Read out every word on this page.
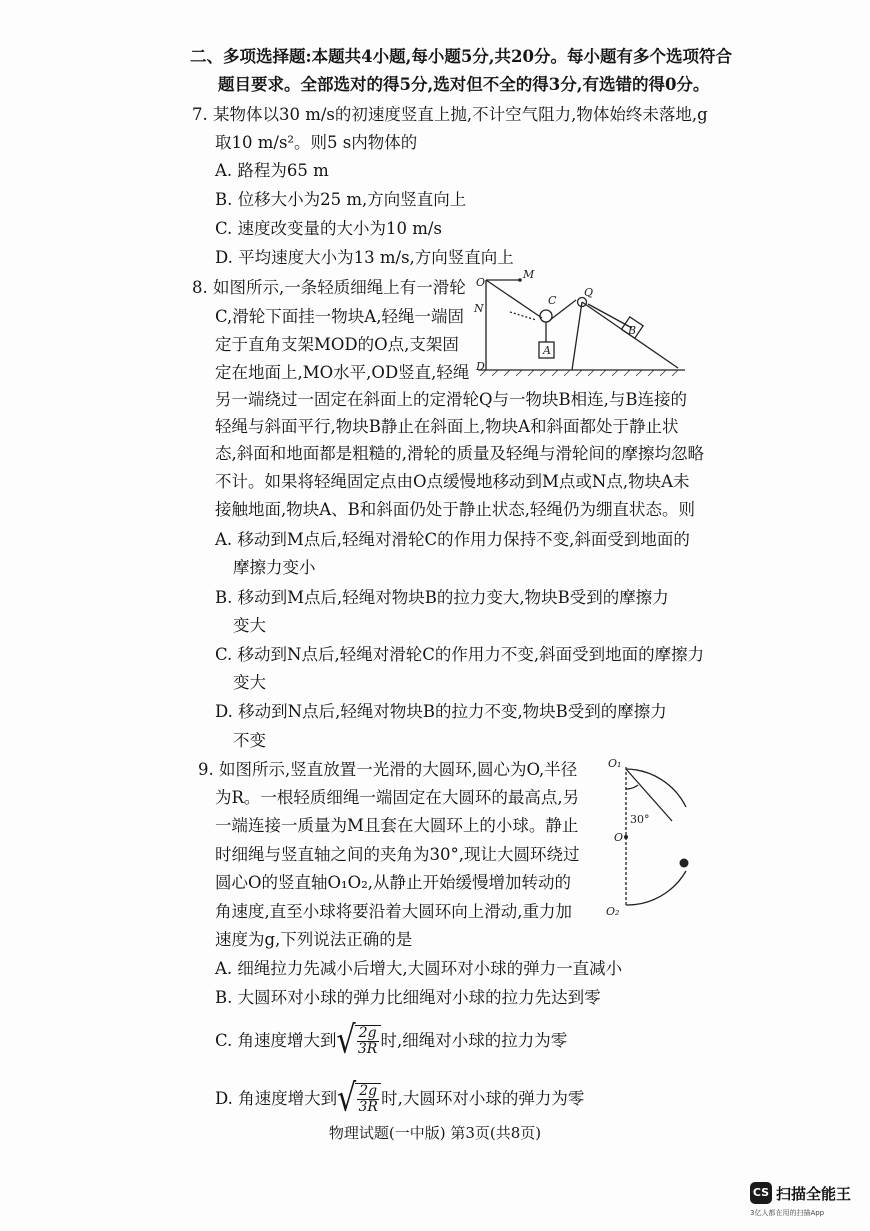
二、多项选择题:本题共4小题,每小题5分,共20分。每小题有多个选项符合
题目要求。全部选对的得5分,选对但不全的得3分,有选错的得0分。
7. 某物体以30 m/s的初速度竖直上抛,不计空气阻力,物体始终未落地,g
取10 m/s²。则5 s内物体的
A. 路程为65 m
B. 位移大小为25 m,方向竖直向上
C. 速度改变量的大小为10 m/s
D. 平均速度大小为13 m/s,方向竖直向上
8. 如图所示,一条轻质细绳上有一滑轮
C,滑轮下面挂一物块A,轻绳一端固
定于直角支架MOD的O点,支架固
定在地面上,MO水平,OD竖直,轻绳
另一端绕过一固定在斜面上的定滑轮Q与一物块B相连,与B连接的
轻绳与斜面平行,物块B静止在斜面上,物块A和斜面都处于静止状
态,斜面和地面都是粗糙的,滑轮的质量及轻绳与滑轮间的摩擦均忽略
不计。如果将轻绳固定点由O点缓慢地移动到M点或N点,物块A未
接触地面,物块A、B和斜面仍处于静止状态,轻绳仍为绷直状态。则
O
M
N
C
Q
B
A
D
A. 移动到M点后,轻绳对滑轮C的作用力保持不变,斜面受到地面的
摩擦力变小
B. 移动到M点后,轻绳对物块B的拉力变大,物块B受到的摩擦力
变大
C. 移动到N点后,轻绳对滑轮C的作用力不变,斜面受到地面的摩擦力
变大
D. 移动到N点后,轻绳对物块B的拉力不变,物块B受到的摩擦力
不变
9. 如图所示,竖直放置一光滑的大圆环,圆心为O,半径
为R。一根轻质细绳一端固定在大圆环的最高点,另
一端连接一质量为M且套在大圆环上的小球。静止
时细绳与竖直轴之间的夹角为30°,现让大圆环绕过
圆心O的竖直轴O₁O₂,从静止开始缓慢增加转动的
角速度,直至小球将要沿着大圆环向上滑动,重力加
速度为g,下列说法正确的是
O₁
O
O₂
30°
A. 细绳拉力先减小后增大,大圆环对小球的弹力一直减小
B. 大圆环对小球的弹力比细绳对小球的拉力先达到零
C. 角速度增大到 √ $\frac{2g}{3R}$ 时,细绳对小球的拉力为零
D. 角速度增大到 √ $\frac{2g}{3R}$ 时,大圆环对小球的弹力为零
物理试题(一中版) 第3页(共8页)
CS 扫描全能王
3亿人都在用的扫描App
